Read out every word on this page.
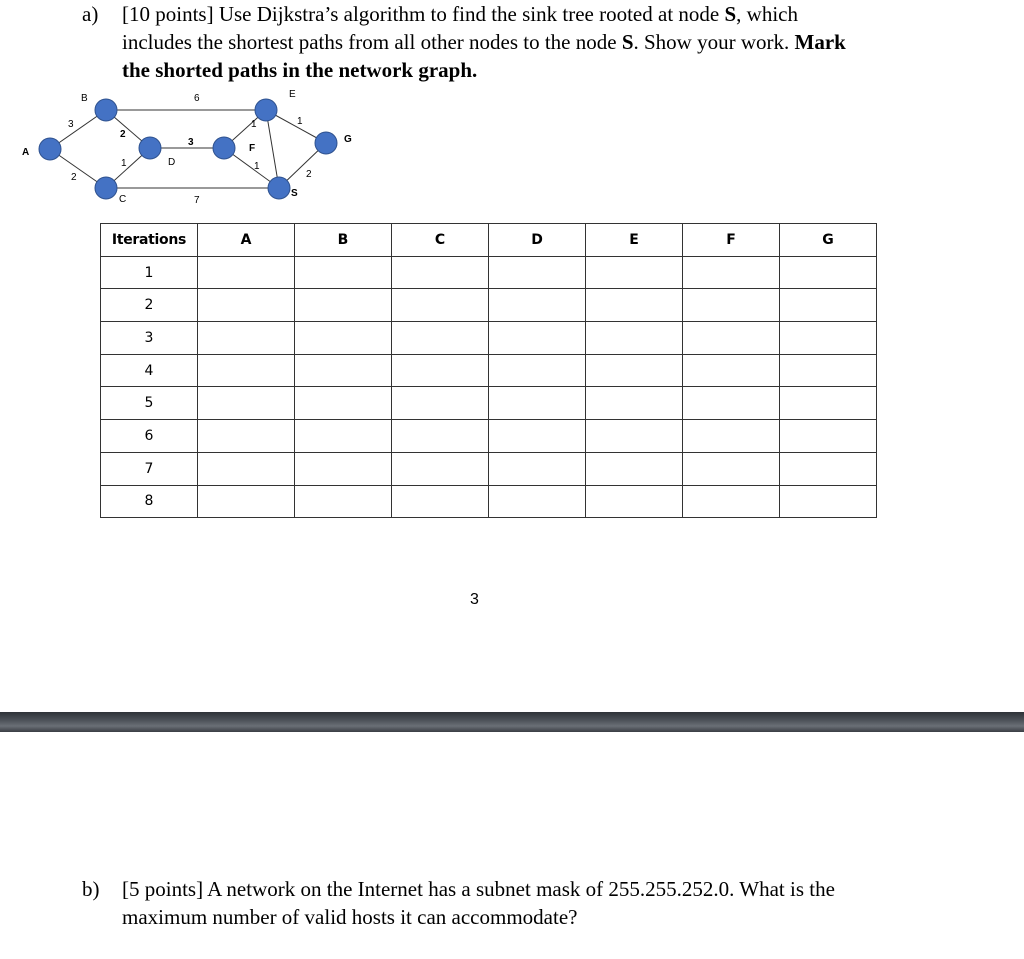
a) [10 points] Use Dijkstra’s algorithm to find the sink tree rooted at node S, which
includes the shortest paths from all other nodes to the node S. Show your work. Mark
the shorted paths in the network graph.
A
B
C
D
E
F
G
S
3
2
2
1
6
3
7
1	1
1
2
Iterations	A	B	C	D	E	F	G
1							
2							
3							
4							
5							
6							
7							
8							
3
b) [5 points] A network on the Internet has a subnet mask of 255.255.252.0. What is the
maximum number of valid hosts it can accommodate?
